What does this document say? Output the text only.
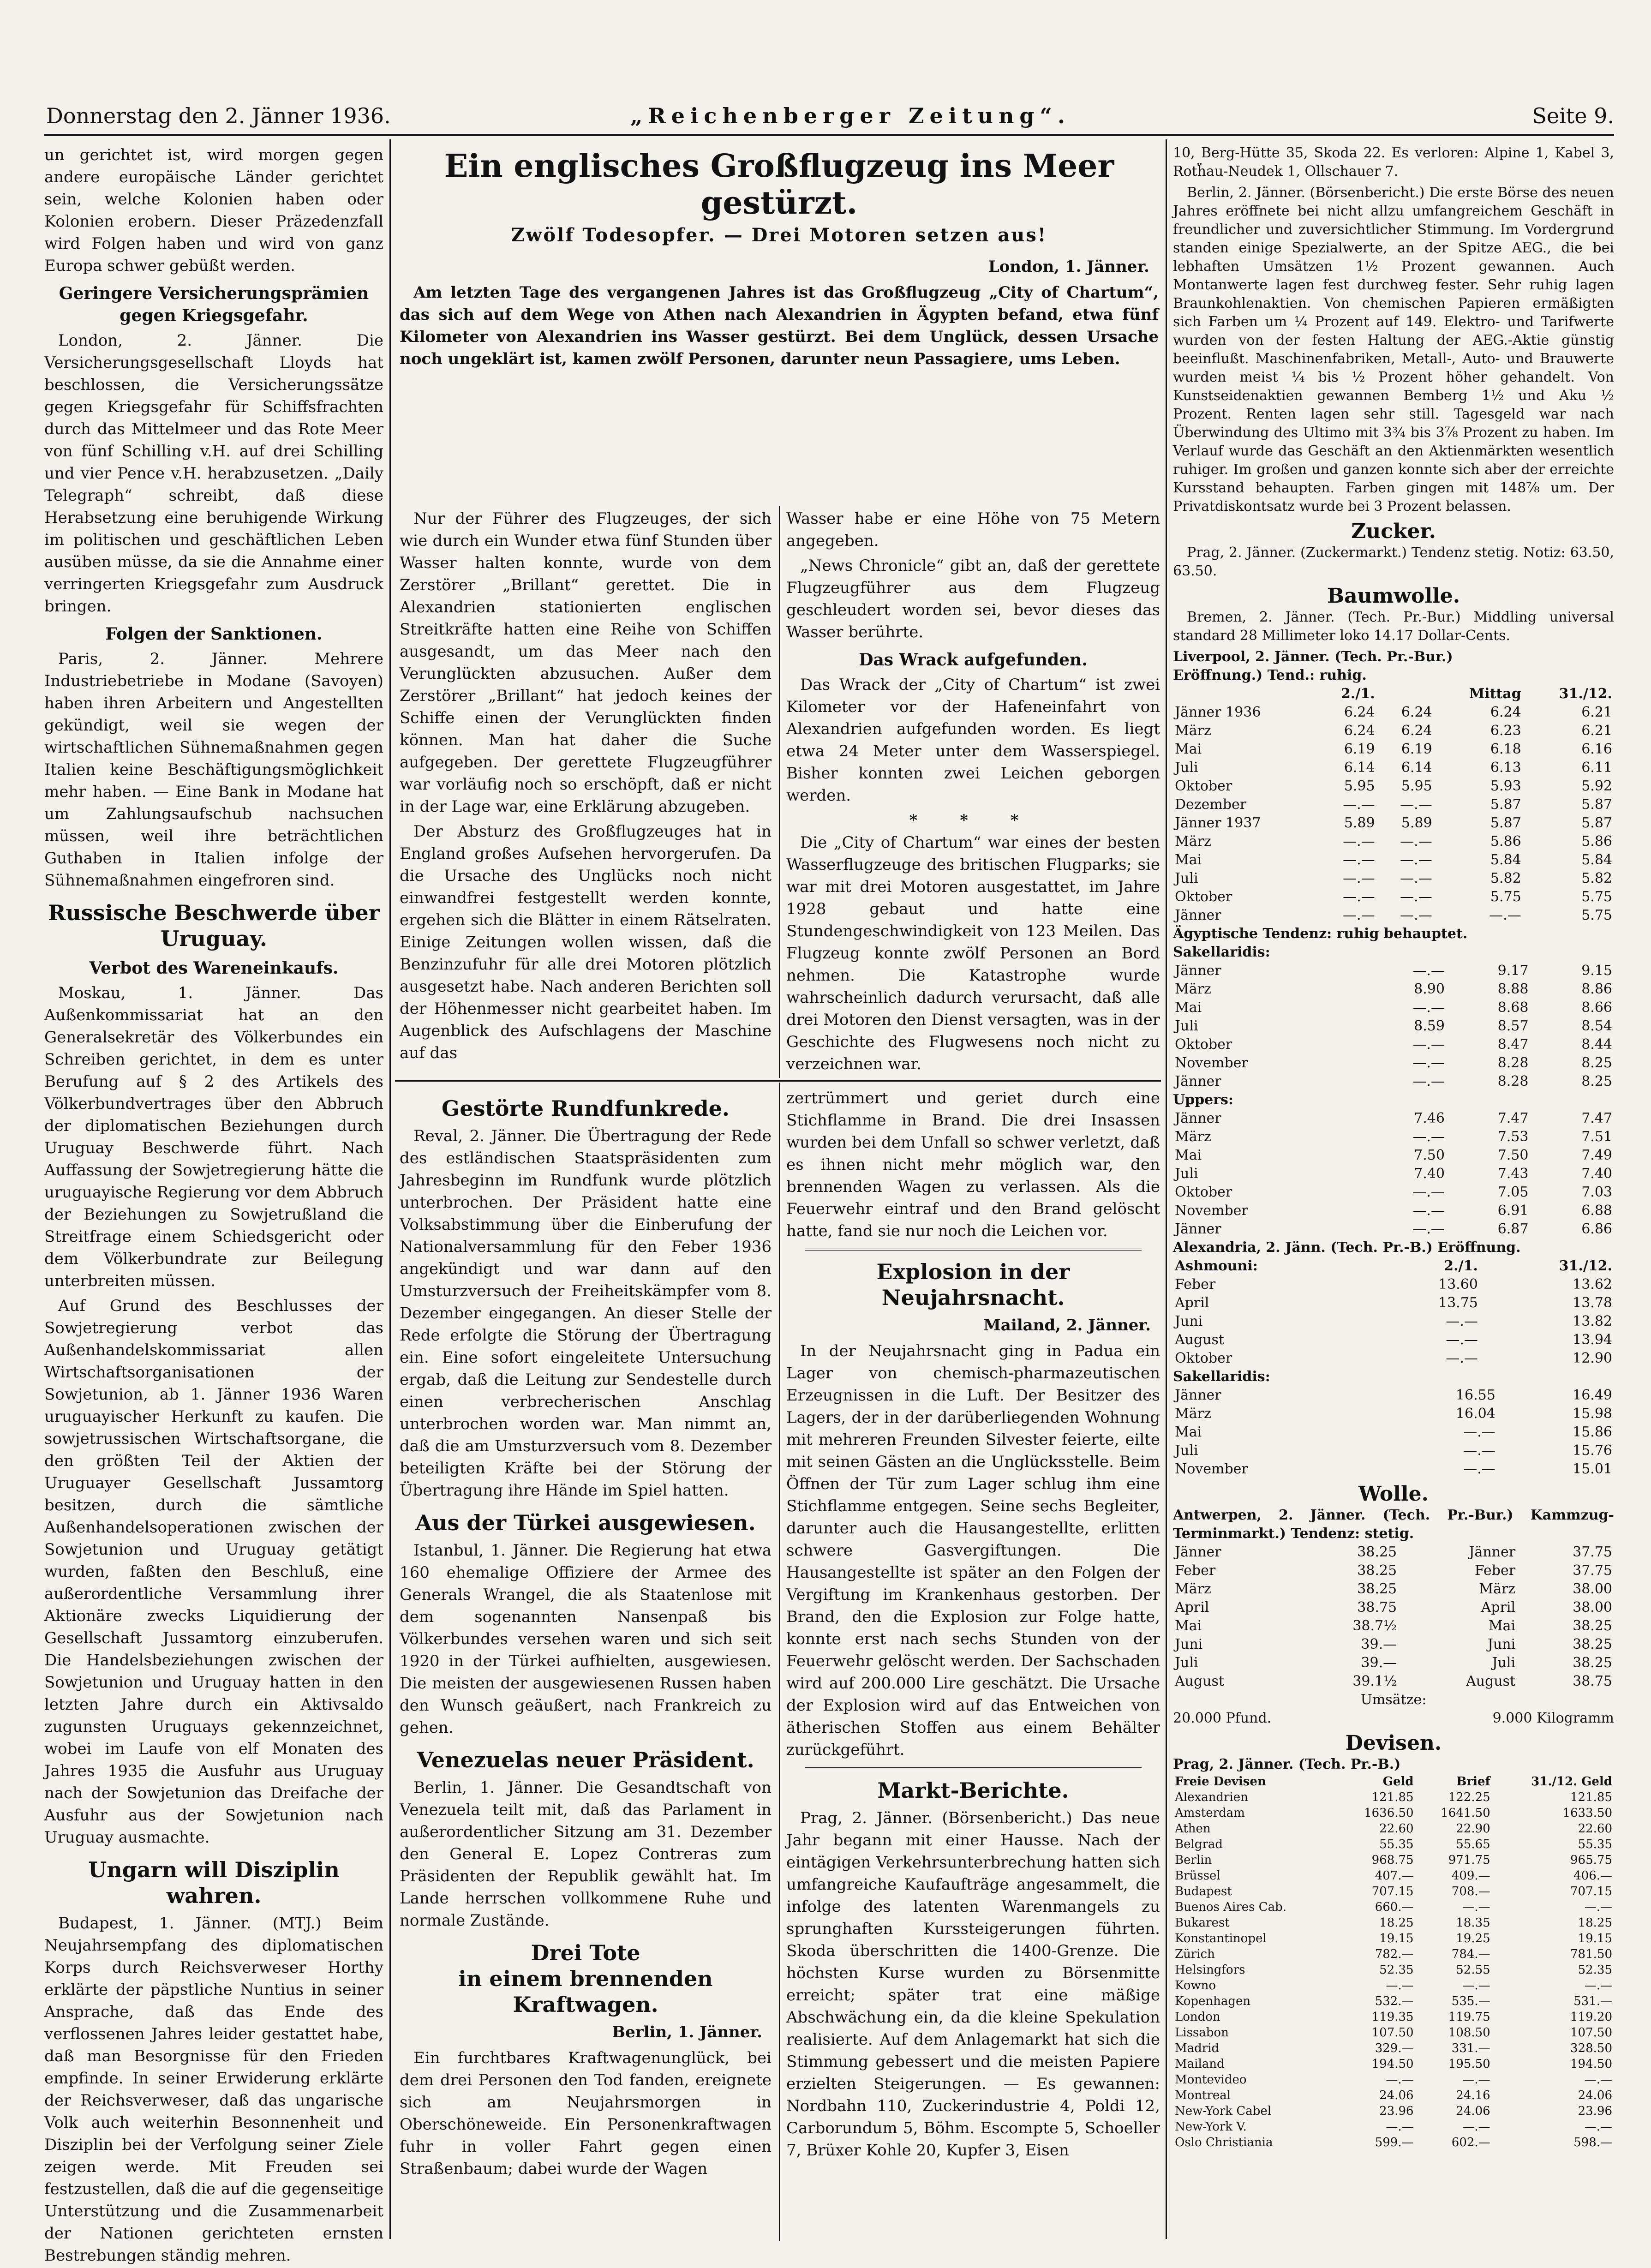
Donnerstag den 2. Jänner 1936.	„Reichenberger Zeitung“.	Seite 9.

un gerichtet ist, wird morgen gegen andere europäische Länder gerichtet sein, welche Kolonien haben oder Kolonien erobern. Dieser Präzedenzfall wird Folgen haben und wird von ganz Europa schwer gebüßt werden.

Geringere Versicherungsprämien gegen Kriegsgefahr.

London, 2. Jänner. Die Versicherungsgesellschaft Lloyds hat beschlossen, die Versicherungssätze gegen Kriegsgefahr für Schiffsfrachten durch das Mittelmeer und das Rote Meer von fünf Schilling v.H. auf drei Schilling und vier Pence v.H. herabzusetzen. „Daily Telegraph“ schreibt, daß diese Herabsetzung eine beruhigende Wirkung im politischen und geschäftlichen Leben ausüben müsse, da sie die Annahme einer verringerten Kriegsgefahr zum Ausdruck bringen.

Folgen der Sanktionen.

Paris, 2. Jänner. Mehrere Industriebetriebe in Modane (Savoyen) haben ihren Arbeitern und Angestellten gekündigt, weil sie wegen der wirtschaftlichen Sühnemaßnahmen gegen Italien keine Beschäftigungsmöglichkeit mehr haben. — Eine Bank in Modane hat um Zahlungsaufschub nachsuchen müssen, weil ihre beträchtlichen Guthaben in Italien infolge der Sühnemaßnahmen eingefroren sind.

Russische Beschwerde über Uruguay.
Verbot des Wareneinkaufs.

Moskau, 1. Jänner. Das Außenkommissariat hat an den Generalsekretär des Völkerbundes ein Schreiben gerichtet, in dem es unter Berufung auf § 2 des Artikels des Völkerbundvertrages über den Abbruch der diplomatischen Beziehungen durch Uruguay Beschwerde führt. Nach Auffassung der Sowjetregierung hätte die uruguayische Regierung vor dem Abbruch der Beziehungen zu Sowjetrußland die Streitfrage einem Schiedsgericht oder dem Völkerbundrate zur Beilegung unterbreiten müssen.

Auf Grund des Beschlusses der Sowjetregierung verbot das Außenhandelskommissariat allen Wirtschaftsorganisationen der Sowjetunion, ab 1. Jänner 1936 Waren uruguayischer Herkunft zu kaufen. Die sowjetrussischen Wirtschaftsorgane, die den größten Teil der Aktien der Uruguayer Gesellschaft Jussamtorg besitzen, durch die sämtliche Außenhandelsoperationen zwischen der Sowjetunion und Uruguay getätigt wurden, faßten den Beschluß, eine außerordentliche Versammlung ihrer Aktionäre zwecks Liquidierung der Gesellschaft Jussamtorg einzuberufen. Die Handelsbeziehungen zwischen der Sowjetunion und Uruguay hatten in den letzten Jahre durch ein Aktivsaldo zugunsten Uruguays gekennzeichnet, wobei im Laufe von elf Monaten des Jahres 1935 die Ausfuhr aus Uruguay nach der Sowjetunion das Dreifache der Ausfuhr aus der Sowjetunion nach Uruguay ausmachte.

Ungarn will Disziplin wahren.

Budapest, 1. Jänner. (MTJ.) Beim Neujahrsempfang des diplomatischen Korps durch Reichsverweser Horthy erklärte der päpstliche Nuntius in seiner Ansprache, daß das Ende des verflossenen Jahres leider gestattet habe, daß man Besorgnisse für den Frieden empfinde. In seiner Erwiderung erklärte der Reichsverweser, daß das ungarische Volk auch weiterhin Besonnenheit und Disziplin bei der Verfolgung seiner Ziele zeigen werde. Mit Freuden sei festzustellen, daß die auf die gegenseitige Unterstützung und die Zusammenarbeit der Nationen gerichteten ernsten Bestrebungen ständig mehren.

Ein englisches Großflugzeug ins Meer gestürzt.
Zwölf Todesopfer. — Drei Motoren setzen aus!
London, 1. Jänner.

Am letzten Tage des vergangenen Jahres ist das Großflugzeug „City of Chartum“, das sich auf dem Wege von Athen nach Alexandrien in Ägypten befand, etwa fünf Kilometer von Alexandrien ins Wasser gestürzt. Bei dem Unglück, dessen Ursache noch ungeklärt ist, kamen zwölf Personen, darunter neun Passagiere, ums Leben.

Nur der Führer des Flugzeuges, der sich wie durch ein Wunder etwa fünf Stunden über Wasser halten konnte, wurde von dem Zerstörer „Brillant“ gerettet. Die in Alexandrien stationierten englischen Streitkräfte hatten eine Reihe von Schiffen ausgesandt, um das Meer nach den Verunglückten abzusuchen. Außer dem Zerstörer „Brillant“ hat jedoch keines der Schiffe einen der Verunglückten finden können. Man hat daher die Suche aufgegeben. Der gerettete Flugzeugführer war vorläufig noch so erschöpft, daß er nicht in der Lage war, eine Erklärung abzugeben.

Der Absturz des Großflugzeuges hat in England großes Aufsehen hervorgerufen. Da die Ursache des Unglücks noch nicht einwandfrei festgestellt werden konnte, ergehen sich die Blätter in einem Rätselraten. Einige Zeitungen wollen wissen, daß die Benzinzufuhr für alle drei Motoren plötzlich ausgesetzt habe. Nach anderen Berichten soll der Höhenmesser nicht gearbeitet haben. Im Augenblick des Aufschlagens der Maschine auf das

Wasser habe er eine Höhe von 75 Metern angegeben.

„News Chronicle“ gibt an, daß der gerettete Flugzeugführer aus dem Flugzeug geschleudert worden sei, bevor dieses das Wasser berührte.

Das Wrack aufgefunden.

Das Wrack der „City of Chartum“ ist zwei Kilometer vor der Hafeneinfahrt von Alexandrien aufgefunden worden. Es liegt etwa 24 Meter unter dem Wasserspiegel. Bisher konnten zwei Leichen geborgen werden.

* * *

Die „City of Chartum“ war eines der besten Wasserflugzeuge des britischen Flugparks; sie war mit drei Motoren ausgestattet, im Jahre 1928 gebaut und hatte eine Stundengeschwindigkeit von 123 Meilen. Das Flugzeug konnte zwölf Personen an Bord nehmen. Die Katastrophe wurde wahrscheinlich dadurch verursacht, daß alle drei Motoren den Dienst versagten, was in der Geschichte des Flugwesens noch nicht zu verzeichnen war.

Gestörte Rundfunkrede.

Reval, 2. Jänner. Die Übertragung der Rede des estländischen Staatspräsidenten zum Jahresbeginn im Rundfunk wurde plötzlich unterbrochen. Der Präsident hatte eine Volksabstimmung über die Einberufung der Nationalversammlung für den Feber 1936 angekündigt und war dann auf den Umsturzversuch der Freiheitskämpfer vom 8. Dezember eingegangen. An dieser Stelle der Rede erfolgte die Störung der Übertragung ein. Eine sofort eingeleitete Untersuchung ergab, daß die Leitung zur Sendestelle durch einen verbrecherischen Anschlag unterbrochen worden war. Man nimmt an, daß die am Umsturzversuch vom 8. Dezember beteiligten Kräfte bei der Störung der Übertragung ihre Hände im Spiel hatten.

Aus der Türkei ausgewiesen.

Istanbul, 1. Jänner. Die Regierung hat etwa 160 ehemalige Offiziere der Armee des Generals Wrangel, die als Staatenlose mit dem sogenannten Nansenpaß bis Völkerbundes versehen waren und sich seit 1920 in der Türkei aufhielten, ausgewiesen. Die meisten der ausgewiesenen Russen haben den Wunsch geäußert, nach Frankreich zu gehen.

Venezuelas neuer Präsident.

Berlin, 1. Jänner. Die Gesandtschaft von Venezuela teilt mit, daß das Parlament in außerordentlicher Sitzung am 31. Dezember den General E. Lopez Contreras zum Präsidenten der Republik gewählt hat. Im Lande herrschen vollkommene Ruhe und normale Zustände.

Drei Tote
in einem brennenden Kraftwagen.
Berlin, 1. Jänner.

Ein furchtbares Kraftwagenunglück, bei dem drei Personen den Tod fanden, ereignete sich am Neujahrsmorgen in Oberschöneweide. Ein Personenkraftwagen fuhr in voller Fahrt gegen einen Straßenbaum; dabei wurde der Wagen

zertrümmert und geriet durch eine Stichflamme in Brand. Die drei Insassen wurden bei dem Unfall so schwer verletzt, daß es ihnen nicht mehr möglich war, den brennenden Wagen zu verlassen. Als die Feuerwehr eintraf und den Brand gelöscht hatte, fand sie nur noch die Leichen vor.

Explosion in der Neujahrsnacht.
Mailand, 2. Jänner.

In der Neujahrsnacht ging in Padua ein Lager von chemisch-pharmazeutischen Erzeugnissen in die Luft. Der Besitzer des Lagers, der in der darüberliegenden Wohnung mit mehreren Freunden Silvester feierte, eilte mit seinen Gästen an die Unglücksstelle. Beim Öffnen der Tür zum Lager schlug ihm eine Stichflamme entgegen. Seine sechs Begleiter, darunter auch die Hausangestellte, erlitten schwere Gasvergiftungen. Die Hausangestellte ist später an den Folgen der Vergiftung im Krankenhaus gestorben. Der Brand, den die Explosion zur Folge hatte, konnte erst nach sechs Stunden von der Feuerwehr gelöscht werden. Der Sachschaden wird auf 200.000 Lire geschätzt. Die Ursache der Explosion wird auf das Entweichen von ätherischen Stoffen aus einem Behälter zurückgeführt.

Markt-Berichte.

Prag, 2. Jänner. (Börsenbericht.) Das neue Jahr begann mit einer Hausse. Nach der eintägigen Verkehrsunterbrechung hatten sich umfangreiche Kaufaufträge angesammelt, die infolge des latenten Warenmangels zu sprunghaften Kurssteigerungen führten. Skoda überschritten die 1400-Grenze. Die höchsten Kurse wurden zu Börsenmitte erreicht; später trat eine mäßige Abschwächung ein, da die kleine Spekulation realisierte. Auf dem Anlagemarkt hat sich die Stimmung gebessert und die meisten Papiere erzielten Steigerungen. — Es gewannen: Nordbahn 110, Zuckerindustrie 4, Poldi 12, Carborundum 5, Böhm. Escompte 5, Schoeller 7, Brüxer Kohle 20, Kupfer 3, Eisen

10, Berg-Hütte 35, Skoda 22. Es verloren: Alpine 1, Kabel 3, Rotḧau-Neudek 1, Ollschauer 7.

Berlin, 2. Jänner. (Börsenbericht.) Die erste Börse des neuen Jahres eröffnete bei nicht allzu umfangreichem Geschäft in freundlicher und zuversichtlicher Stimmung. Im Vordergrund standen einige Spezialwerte, an der Spitze AEG., die bei lebhaften Umsätzen 1½ Prozent gewannen. Auch Montanwerte lagen fest durchweg fester. Sehr ruhig lagen Braunkohlenaktien. Von chemischen Papieren ermäßigten sich Farben um ¼ Prozent auf 149. Elektro- und Tarifwerte wurden von der festen Haltung der AEG.-Aktie günstig beeinflußt. Maschinenfabriken, Metall-, Auto- und Brauwerte wurden meist ¼ bis ½ Prozent höher gehandelt. Von Kunstseidenaktien gewannen Bemberg 1½ und Aku ½ Prozent. Renten lagen sehr still. Tagesgeld war nach Überwindung des Ultimo mit 3¾ bis 3⅞ Prozent zu haben. Im Verlauf wurde das Geschäft an den Aktienmärkten wesentlich ruhiger. Im großen und ganzen konnte sich aber der erreichte Kursstand behaupten. Farben gingen mit 148⅞ um. Der Privatdiskontsatz wurde bei 3 Prozent belassen.

Zucker.

Prag, 2. Jänner. (Zuckermarkt.) Tendenz stetig. Notiz: 63.50, 63.50.

Baumwolle.

Bremen, 2. Jänner. (Tech. Pr.-Bur.) Middling universal standard 28 Millimeter loko 14.17 Dollar-Cents.

Liverpool, 2. Jänner. (Tech. Pr.-Bur.)
Eröffnung.) Tend.: ruhig.
	2./1.		Mittag	31./12.
Jänner 1936	6.24	6.24	6.24	6.21
März	6.24	6.24	6.23	6.21
Mai	6.19	6.19	6.18	6.16
Juli	6.14	6.14	6.13	6.11
Oktober	5.95	5.95	5.93	5.92
Dezember	—.—	—.—	5.87	5.87
Jänner 1937	5.89	5.89	5.87	5.87
März	—.—	—.—	5.86	5.86
Mai	—.—	—.—	5.84	5.84
Juli	—.—	—.—	5.82	5.82
Oktober	—.—	—.—	5.75	5.75
Jänner	—.—	—.—	—.—	5.75
Ägyptische Tendenz: ruhig behauptet.
Sakellaridis:
Jänner	—.—	9.17	9.15
März	8.90	8.88	8.86
Mai	—.—	8.68	8.66
Juli	8.59	8.57	8.54
Oktober	—.—	8.47	8.44
November	—.—	8.28	8.25
Jänner	—.—	8.28	8.25
Uppers:
Jänner	7.46	7.47	7.47
März	—.—	7.53	7.51
Mai	7.50	7.50	7.49
Juli	7.40	7.43	7.40
Oktober	—.—	7.05	7.03
November	—.—	6.91	6.88
Jänner	—.—	6.87	6.86
Alexandria, 2. Jänn. (Tech. Pr.-B.) Eröffnung.
Ashmouni:	2./1.	31./12.
Feber	13.60	13.62
April	13.75	13.78
Juni	—.—	13.82
August	—.—	13.94
Oktober	—.—	12.90
Sakellaridis:
Jänner	16.55	16.49
März	16.04	15.98
Mai	—.—	15.86
Juli	—.—	15.76
November	—.—	15.01
Wolle.
Antwerpen, 2. Jänner. (Tech. Pr.-Bur.) Kammzug-Terminmarkt.) Tendenz: stetig.
Jänner	38.25	Jänner	37.75
Feber	38.25	Feber	37.75
März	38.25	März	38.00
April	38.75	April	38.00
Mai	38.7½	Mai	38.25
Juni	39.—	Juni	38.25
Juli	39.—	Juli	38.25
August	39.1½	August	38.75
Umsätze:
20.000 Pfund.	9.000 Kilogramm
Devisen.
Prag, 2. Jänner. (Tech. Pr.-B.)
Freie Devisen	Geld	Brief	31./12. Geld
Alexandrien	121.85	122.25	121.85
Amsterdam	1636.50	1641.50	1633.50
Athen	22.60	22.90	22.60
Belgrad	55.35	55.65	55.35
Berlin	968.75	971.75	965.75
Brüssel	407.—	409.—	406.—
Budapest	707.15	708.—	707.15
Buenos Aires Cab.	660.—	—.—	—.—
Bukarest	18.25	18.35	18.25
Konstantinopel	19.15	19.25	19.15
Zürich	782.—	784.—	781.50
Helsingfors	52.35	52.55	52.35
Kowno	—.—	—.—	—.—
Kopenhagen	532.—	535.—	531.—
London	119.35	119.75	119.20
Lissabon	107.50	108.50	107.50
Madrid	329.—	331.—	328.50
Mailand	194.50	195.50	194.50
Montevideo	—.—	—.—	—.—
Montreal	24.06	24.16	24.06
New-York Cabel	23.96	24.06	23.96
New-York V.	—.—	—.—	—.—
Oslo Christiania	599.—	602.—	598.—
